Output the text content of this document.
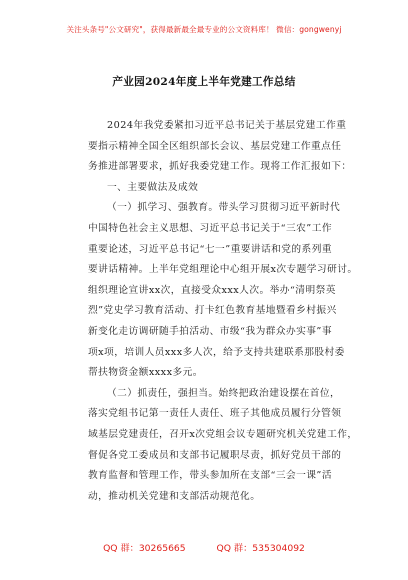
关注头条号"公文研究"，获得最新最全最专业的公文资料库！ 微信：gongwenyj
产业园2024年度上半年党建工作总结
2024年我党委紧扣习近平总书记关于基层党建工作重
要指示精神全国全区组织部长会议、基层党建工作重点任
务推进部署要求，抓好我委党建工作。现将工作汇报如下：
一、主要做法及成效
（一）抓学习、强教育。带头学习贯彻习近平新时代
中国特色社会主义思想、习近平总书记关于“三农”工作
重要论述，习近平总书记“七一”重要讲话和党的系列重
要讲话精神。上半年党组理论中心组开展x次专题学习研讨。
组织理论宣讲xx次，直接受众xxx人次。举办“清明祭英
烈”党史学习教育活动、打卡红色教育基地暨看乡村振兴
新变化走访调研随手拍活动、市级“我为群众办实事”事
项x项，培训人员xxx多人次，给予支持共建联系那股村委
帮扶物资金额xxxx多元。
（二）抓责任，强担当。始终把政治建设摆在首位，
落实党组书记第一责任人责任、班子其他成员履行分管领
域基层党建责任，召开x次党组会议专题研究机关党建工作，
督促各党工委成员和支部书记履职尽责，抓好党员干部的
教育监督和管理工作，带头参加所在支部“三会一课”活
动，推动机关党建和支部活动规范化。
QQ 群：30265665	QQ 群：535304092
